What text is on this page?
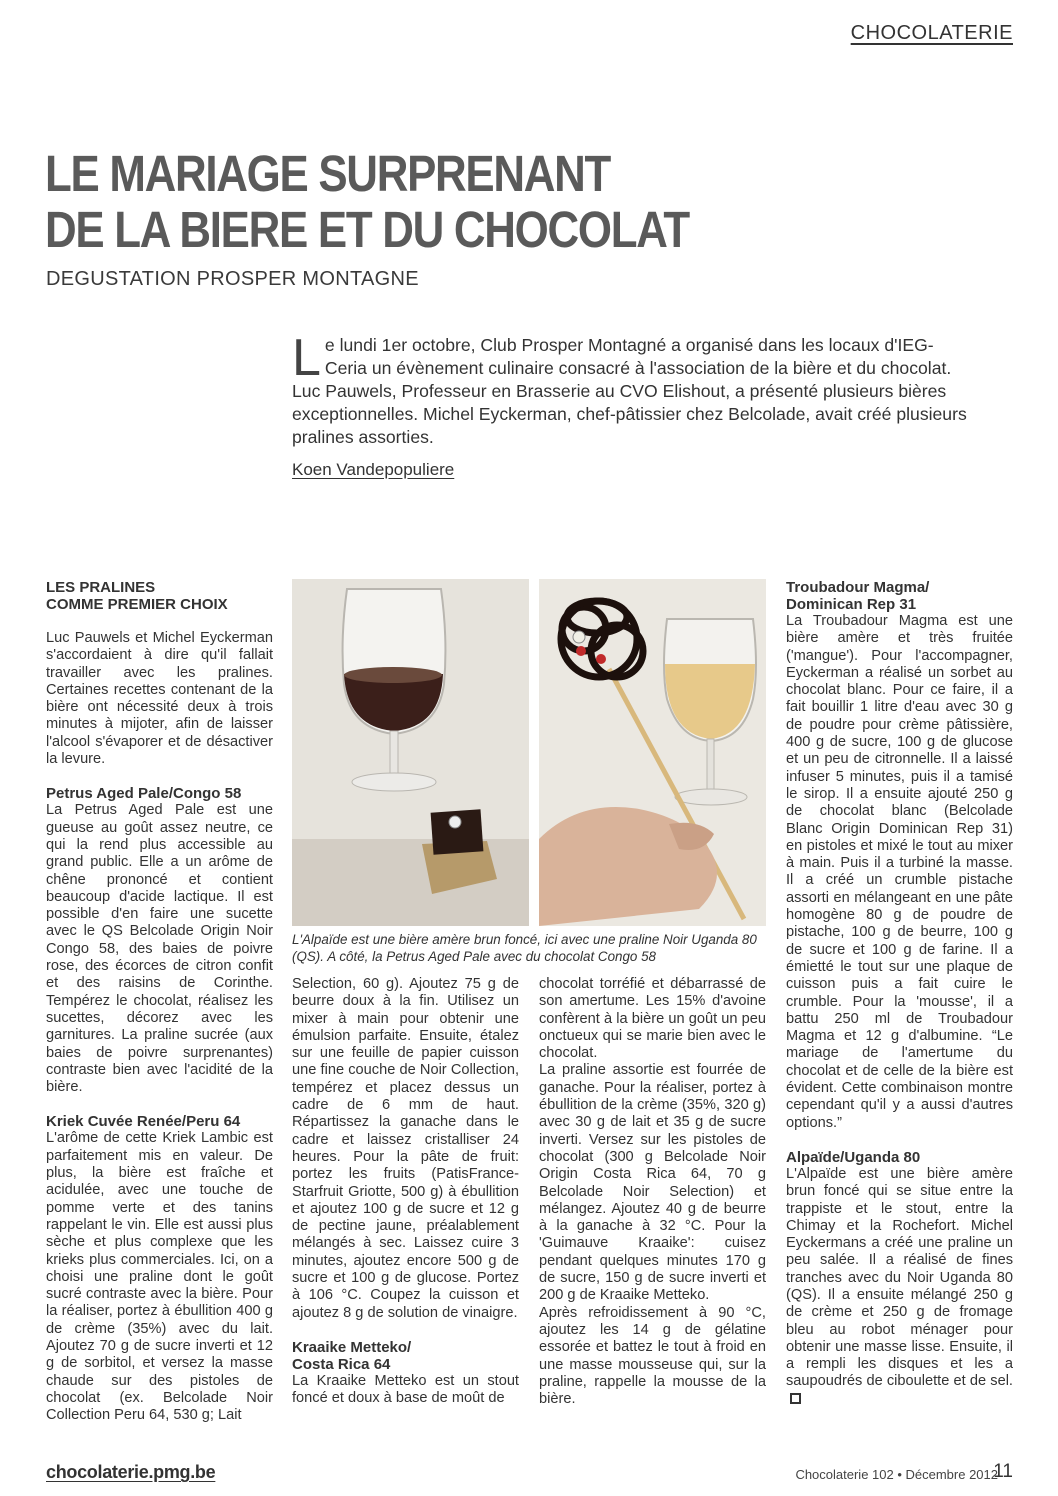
CHOCOLATERIE
LE MARIAGE SURPRENANT
DE LA BIERE ET DU CHOCOLAT
DEGUSTATION PROSPER MONTAGNE
L e lundi 1er octobre, Club Prosper Montagné a organisé dans les locaux d'IEG-Ceria un évènement culinaire consacré à l'association de la bière et du chocolat. Luc Pauwels, Professeur en Brasserie au CVO Elishout, a présenté plusieurs bières exceptionnelles. Michel Eyckerman, chef-pâtissier chez Belcolade, avait créé plusieurs pralines assorties.
Koen Vandepopuliere
LES PRALINES
COMME PREMIER CHOIX

Luc Pauwels et Michel Eyckerman s'accordaient à dire qu'il fallait travailler avec les pralines. Certaines recettes contenant de la bière ont nécessité deux à trois minutes à mijoter, afin de laisser l'alcool s'évaporer et de désactiver la levure.

Petrus Aged Pale/Congo 58

La Petrus Aged Pale est une gueuse au goût assez neutre, ce qui la rend plus accessible au grand public. Elle a un arôme de chêne prononcé et contient beaucoup d'acide lactique. Il est possible d'en faire une sucette avec le QS Belcolade Origin Noir Congo 58, des baies de poivre rose, des écorces de citron confit et des raisins de Corinthe. Tempérez le chocolat, réalisez les sucettes, décorez avec les garnitures. La praline sucrée (aux baies de poivre surprenantes) contraste bien avec l'acidité de la bière.

Kriek Cuvée Renée/Peru 64

L'arôme de cette Kriek Lambic est parfaitement mis en valeur. De plus, la bière est fraîche et acidulée, avec une touche de pomme verte et des tanins rappelant le vin. Elle est aussi plus sèche et plus complexe que les krieks plus commerciales. Ici, on a choisi une praline dont le goût sucré contraste avec la bière. Pour la réaliser, portez à ébullition 400 g de crème (35%) avec du lait. Ajoutez 70 g de sucre inverti et 12 g de sorbitol, et versez la masse chaude sur des pistoles de chocolat (ex. Belcolade Noir Collection Peru 64, 530 g; Lait

L'Alpaïde est une bière amère brun foncé, ici avec une praline Noir Uganda 80 (QS). A côté, la Petrus Aged Pale avec du chocolat Congo 58

Selection, 60 g). Ajoutez 75 g de beurre doux à la fin. Utilisez un mixer à main pour obtenir une émulsion parfaite. Ensuite, étalez sur une feuille de papier cuisson une fine couche de Noir Collection, tempérez et placez dessus un cadre de 6 mm de haut. Répartissez la ganache dans le cadre et laissez cristalliser 24 heures. Pour la pâte de fruit: portez les fruits (PatisFrance-Starfruit Griotte, 500 g) à ébullition et ajoutez 100 g de sucre et 12 g de pectine jaune, préalablement mélangés à sec. Laissez cuire 3 minutes, ajoutez encore 500 g de sucre et 100 g de glucose. Portez à 106 °C. Coupez la cuisson et ajoutez 8 g de solution de vinaigre.

Kraaike Metteko/
Costa Rica 64

La Kraaike Metteko est un stout foncé et doux à base de moût de

chocolat torréfié et débarrassé de son amertume. Les 15% d'avoine confèrent à la bière un goût un peu onctueux qui se marie bien avec le chocolat.

La praline assortie est fourrée de ganache. Pour la réaliser, portez à ébullition de la crème (35%, 320 g) avec 30 g de lait et 35 g de sucre inverti. Versez sur les pistoles de chocolat (300 g Belcolade Noir Origin Costa Rica 64, 70 g Belcolade Noir Selection) et mélangez. Ajoutez 40 g de beurre à la ganache à 32 °C. Pour la 'Guimauve Kraaike': cuisez pendant quelques minutes 170 g de sucre, 150 g de sucre inverti et 200 g de Kraaike Metteko.

Après refroidissement à 90 °C, ajoutez les 14 g de gélatine essorée et battez le tout à froid en une masse mousseuse qui, sur la praline, rappelle la mousse de la bière.

Troubadour Magma/
Dominican Rep 31

La Troubadour Magma est une bière amère et très fruitée ('mangue'). Pour l'accompagner, Eyckerman a réalisé un sorbet au chocolat blanc. Pour ce faire, il a fait bouillir 1 litre d'eau avec 30 g de poudre pour crème pâtissière, 400 g de sucre, 100 g de glucose et un peu de citronnelle. Il a laissé infuser 5 minutes, puis il a tamisé le sirop. Il a ensuite ajouté 250 g de chocolat blanc (Belcolade Blanc Origin Dominican Rep 31) en pistoles et mixé le tout au mixer à main. Puis il a turbiné la masse. Il a créé un crumble pistache assorti en mélangeant en une pâte homogène 80 g de poudre de pistache, 100 g de beurre, 100 g de sucre et 100 g de farine. Il a émietté le tout sur une plaque de cuisson puis a fait cuire le crumble. Pour la 'mousse', il a battu 250 ml de Troubadour Magma et 12 g d'albumine. “Le mariage de l'amertume du chocolat et de celle de la bière est évident. Cette combinaison montre cependant qu'il y a aussi d'autres options.”

Alpaïde/Uganda 80

L'Alpaïde est une bière amère brun foncé qui se situe entre la trappiste et le stout, entre la Chimay et la Rochefort. Michel Eyckermans a créé une praline un peu salée. Il a réalisé de fines tranches avec du Noir Uganda 80 (QS). Il a ensuite mélangé 250 g de crème et 250 g de fromage bleu au robot ménager pour obtenir une masse lisse. Ensuite, il a rempli les disques et les a saupoudrés de ciboulette et de sel.

chocolaterie.pmg.be	Chocolaterie 102 • Décembre 2012
11
